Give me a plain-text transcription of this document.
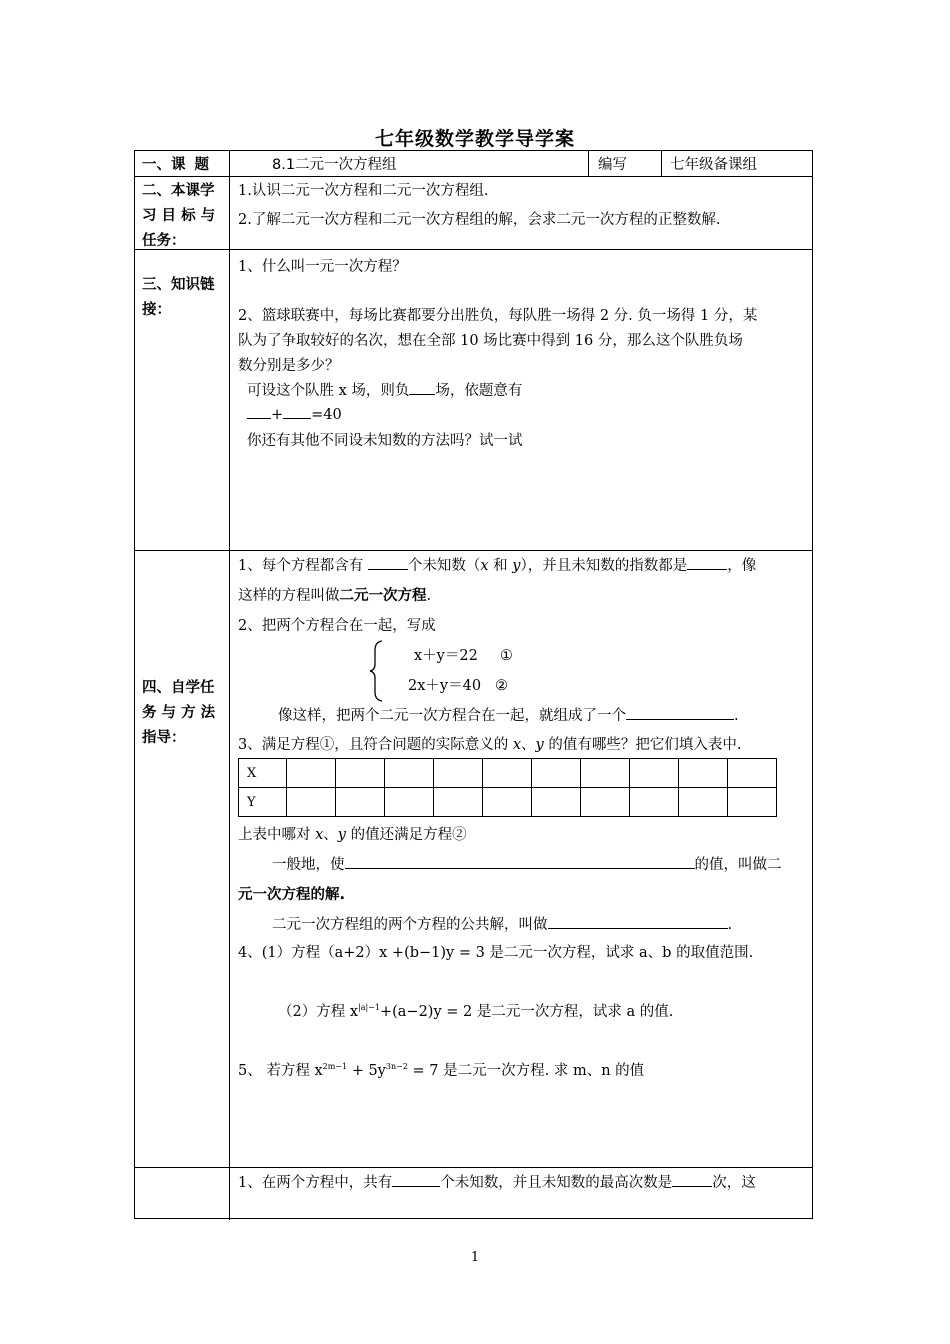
七年级数学教学导学案
一、课 题	8.1二元一次方程组	编写	七年级备课组
二、本课学
习 目 标 与
任务：
1.认识二元一次方程和二元一次方程组.
2.了解二元一次方程和二元一次方程组的解，会求二元一次方程的正整数解.
三、知识链
接：
1、什么叫一元一次方程？
2、篮球联赛中，每场比赛都要分出胜负，每队胜一场得 2 分. 负一场得 1 分，某
队为了争取较好的名次，想在全部 10 场比赛中得到 16 分，那么这个队胜负场
数分别是多少？
可设这个队胜 x 场，则负 场，依题意有
+ =40
你还有其他不同设未知数的方法吗？试一试
四、自学任
务 与 方 法
指导：
1、每个方程都含有	个未知数（x 和 y），并且未知数的指数都是	，像
这样的方程叫做二元一次方程.
2、把两个方程合在一起，写成
x＋y＝22 ①
2x＋y＝40 ②
像这样，把两个二元一次方程合在一起，就组成了一个	.
3、满足方程①，且符合问题的实际意义的 x、y 的值有哪些？把它们填入表中.
X										
Y										
上表中哪对 x、y 的值还满足方程②
一般地，使	的值，叫做二
元一次方程的解.
二元一次方程组的两个方程的公共解，叫做	.
4、(1）方程（a+2）x +(b−1)y = 3 是二元一次方程，试求 a、b 的取值范围.
（2）方程 $x^{|a|-1}+(a-2)y = 2$ 是二元一次方程，试求 a 的值.
5、 若方程 $x^{2m-1} + 5y^{3n-2} = 7$ 是二元一次方程. 求 m、n 的值
1、在两个方程中，共有	个未知数，并且未知数的最高次数是	次，这
1
